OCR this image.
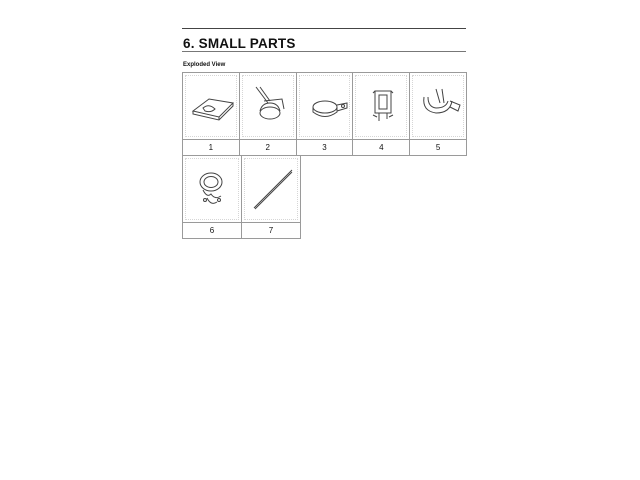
6. SMALL PARTS
Exploded View
1	2	3	4	5
6	7
